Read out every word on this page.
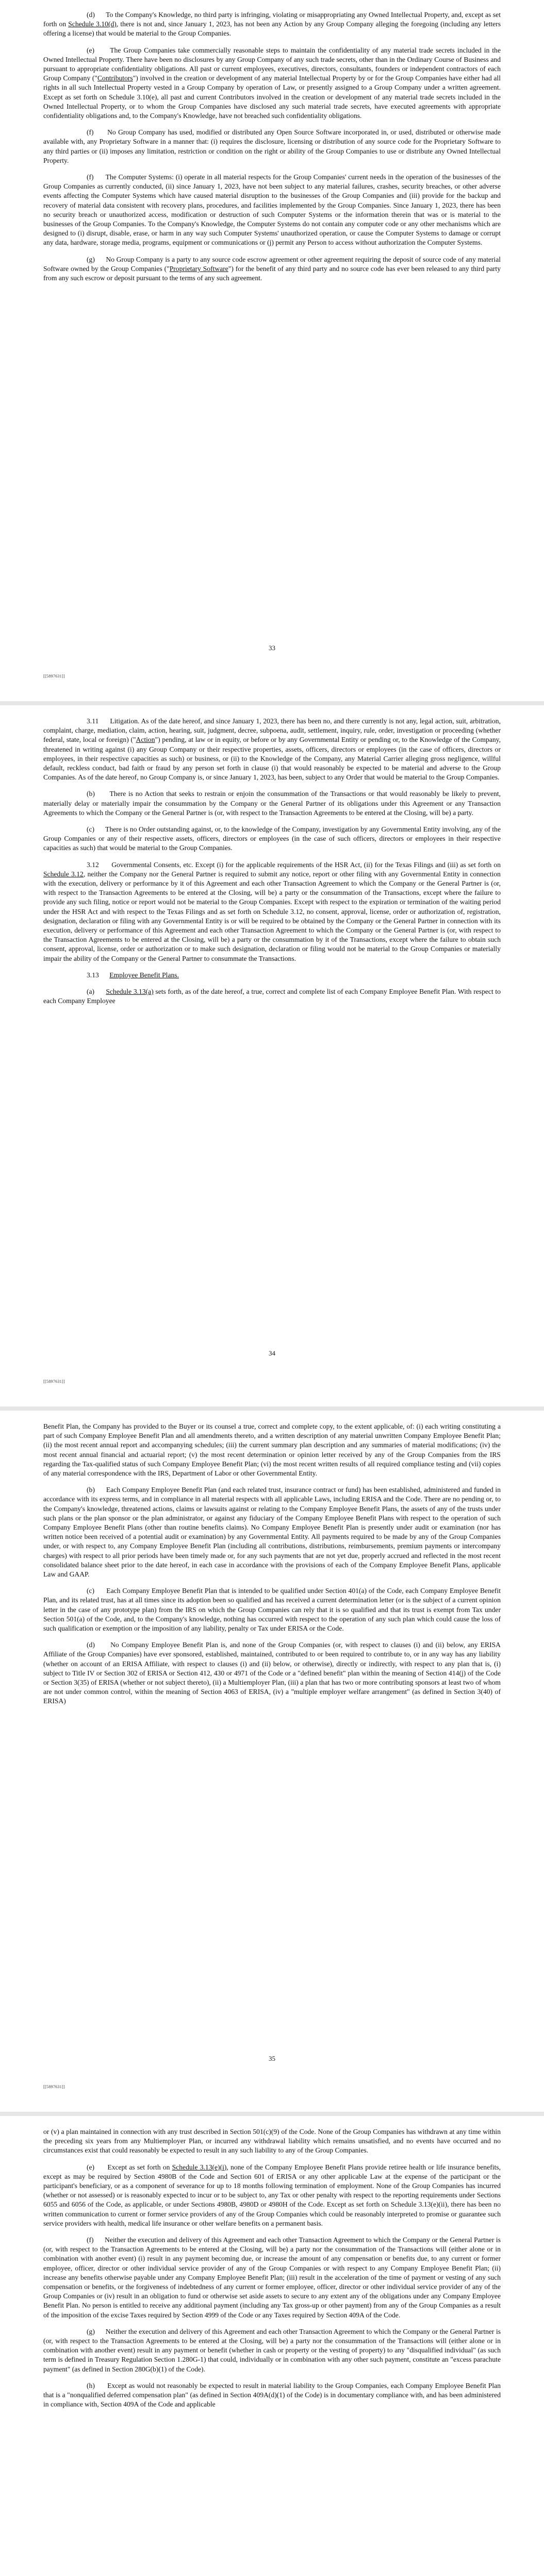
(d) To the Company's Knowledge, no third party is infringing, violating or misappropriating any Owned Intellectual Property, and, except as set forth on Schedule 3.10(d), there is not and, since January 1, 2023, has not been any Action by any Group Company alleging the foregoing (including any letters offering a license) that would be material to the Group Companies.

(e) The Group Companies take commercially reasonable steps to maintain the confidentiality of any material trade secrets included in the Owned Intellectual Property. There have been no disclosures by any Group Company of any such trade secrets, other than in the Ordinary Course of Business and pursuant to appropriate confidentiality obligations. All past or current employees, executives, directors, consultants, founders or independent contractors of each Group Company ("Contributors") involved in the creation or development of any material Intellectual Property by or for the Group Companies have either had all rights in all such Intellectual Property vested in a Group Company by operation of Law, or presently assigned to a Group Company under a written agreement. Except as set forth on Schedule 3.10(e), all past and current Contributors involved in the creation or development of any material trade secrets included in the Owned Intellectual Property, or to whom the Group Companies have disclosed any such material trade secrets, have executed agreements with appropriate confidentiality obligations and, to the Company's Knowledge, have not breached such confidentiality obligations.

(f) No Group Company has used, modified or distributed any Open Source Software incorporated in, or used, distributed or otherwise made available with, any Proprietary Software in a manner that: (i) requires the disclosure, licensing or distribution of any source code for the Proprietary Software to any third parties or (ii) imposes any limitation, restriction or condition on the right or ability of the Group Companies to use or distribute any Owned Intellectual Property.

(f) The Computer Systems: (i) operate in all material respects for the Group Companies' current needs in the operation of the businesses of the Group Companies as currently conducted, (ii) since January 1, 2023, have not been subject to any material failures, crashes, security breaches, or other adverse events affecting the Computer Systems which have caused material disruption to the businesses of the Group Companies and (iii) provide for the backup and recovery of material data consistent with recovery plans, procedures, and facilities implemented by the Group Companies. Since January 1, 2023, there has been no security breach or unauthorized access, modification or destruction of such Computer Systems or the information therein that was or is material to the businesses of the Group Companies. To the Company's Knowledge, the Computer Systems do not contain any computer code or any other mechanisms which are designed to (i) disrupt, disable, erase, or harm in any way such Computer Systems' unauthorized operation, or cause the Computer Systems to damage or corrupt any data, hardware, storage media, programs, equipment or communications or (j) permit any Person to access without authorization the Computer Systems.

(g) No Group Company is a party to any source code escrow agreement or other agreement requiring the deposit of source code of any material Software owned by the Group Companies ("Proprietary Software") for the benefit of any third party and no source code has ever been released to any third party from any such escrow or deposit pursuant to the terms of any such agreement.

33
[[5897631]]

3.11 Litigation. As of the date hereof, and since January 1, 2023, there has been no, and there currently is not any, legal action, suit, arbitration, complaint, charge, mediation, claim, action, hearing, suit, judgment, decree, subpoena, audit, settlement, inquiry, rule, order, investigation or proceeding (whether federal, state, local or foreign) ("Action") pending, at law or in equity, or before or by any Governmental Entity or pending or, to the Knowledge of the Company, threatened in writing against (i) any Group Company or their respective properties, assets, officers, directors or employees (in the case of officers, directors or employees, in their respective capacities as such) or business, or (ii) to the Knowledge of the Company, any Material Carrier alleging gross negligence, willful default, reckless conduct, bad faith or fraud by any person set forth in clause (i) that would reasonably be expected to be material and adverse to the Group Companies. As of the date hereof, no Group Company is, or since January 1, 2023, has been, subject to any Order that would be material to the Group Companies.

(b) There is no Action that seeks to restrain or enjoin the consummation of the Transactions or that would reasonably be likely to prevent, materially delay or materially impair the consummation by the Company or the General Partner of its obligations under this Agreement or any Transaction Agreements to which the Company or the General Partner is (or, with respect to the Transaction Agreements to be entered at the Closing, will be) a party.

(c) There is no Order outstanding against, or, to the knowledge of the Company, investigation by any Governmental Entity involving, any of the Group Companies or any of their respective assets, officers, directors or employees (in the case of such officers, directors or employees in their respective capacities as such) that would be material to the Group Companies.

3.12 Governmental Consents, etc. Except (i) for the applicable requirements of the HSR Act, (ii) for the Texas Filings and (iii) as set forth on Schedule 3.12, neither the Company nor the General Partner is required to submit any notice, report or other filing with any Governmental Entity in connection with the execution, delivery or performance by it of this Agreement and each other Transaction Agreement to which the Company or the General Partner is (or, with respect to the Transaction Agreements to be entered at the Closing, will be) a party or the consummation of the Transactions, except where the failure to provide any such filing, notice or report would not be material to the Group Companies. Except with respect to the expiration or termination of the waiting period under the HSR Act and with respect to the Texas Filings and as set forth on Schedule 3.12, no consent, approval, license, order or authorization of, registration, designation, declaration or filing with any Governmental Entity is or will be required to be obtained by the Company or the General Partner in connection with its execution, delivery or performance of this Agreement and each other Transaction Agreement to which the Company or the General Partner is (or, with respect to the Transaction Agreements to be entered at the Closing, will be) a party or the consummation by it of the Transactions, except where the failure to obtain such consent, approval, license, order or authorization or to make such designation, declaration or filing would not be material to the Group Companies or materially impair the ability of the Company or the General Partner to consummate the Transactions.

3.13 Employee Benefit Plans.

(a) Schedule 3.13(a) sets forth, as of the date hereof, a true, correct and complete list of each Company Employee Benefit Plan. With respect to each Company Employee

34
[[5897631]]

Benefit Plan, the Company has provided to the Buyer or its counsel a true, correct and complete copy, to the extent applicable, of: (i) each writing constituting a part of such Company Employee Benefit Plan and all amendments thereto, and a written description of any material unwritten Company Employee Benefit Plan; (ii) the most recent annual report and accompanying schedules; (iii) the current summary plan description and any summaries of material modifications; (iv) the most recent annual financial and actuarial report; (v) the most recent determination or opinion letter received by any of the Group Companies from the IRS regarding the Tax-qualified status of such Company Employee Benefit Plan; (vi) the most recent written results of all required compliance testing and (vii) copies of any material correspondence with the IRS, Department of Labor or other Governmental Entity.

(b) Each Company Employee Benefit Plan (and each related trust, insurance contract or fund) has been established, administered and funded in accordance with its express terms, and in compliance in all material respects with all applicable Laws, including ERISA and the Code. There are no pending or, to the Company's knowledge, threatened actions, claims or lawsuits against or relating to the Company Employee Benefit Plans, the assets of any of the trusts under such plans or the plan sponsor or the plan administrator, or against any fiduciary of the Company Employee Benefit Plans with respect to the operation of such Company Employee Benefit Plans (other than routine benefits claims). No Company Employee Benefit Plan is presently under audit or examination (nor has written notice been received of a potential audit or examination) by any Governmental Entity. All payments required to be made by any of the Group Companies under, or with respect to, any Company Employee Benefit Plan (including all contributions, distributions, reimbursements, premium payments or intercompany charges) with respect to all prior periods have been timely made or, for any such payments that are not yet due, properly accrued and reflected in the most recent consolidated balance sheet prior to the date hereof, in each case in accordance with the provisions of each of the Company Employee Benefit Plans, applicable Law and GAAP.

(c) Each Company Employee Benefit Plan that is intended to be qualified under Section 401(a) of the Code, each Company Employee Benefit Plan, and its related trust, has at all times since its adoption been so qualified and has received a current determination letter (or is the subject of a current opinion letter in the case of any prototype plan) from the IRS on which the Group Companies can rely that it is so qualified and that its trust is exempt from Tax under Section 501(a) of the Code, and, to the Company's knowledge, nothing has occurred with respect to the operation of any such plan which could cause the loss of such qualification or exemption or the imposition of any liability, penalty or Tax under ERISA or the Code.

(d) No Company Employee Benefit Plan is, and none of the Group Companies (or, with respect to clauses (i) and (ii) below, any ERISA Affiliate of the Group Companies) have ever sponsored, established, maintained, contributed to or been required to contribute to, or in any way has any liability (whether on account of an ERISA Affiliate, with respect to clauses (i) and (ii) below, or otherwise), directly or indirectly, with respect to any plan that is, (i) subject to Title IV or Section 302 of ERISA or Section 412, 430 or 4971 of the Code or a "defined benefit" plan within the meaning of Section 414(j) of the Code or Section 3(35) of ERISA (whether or not subject thereto), (ii) a Multiemployer Plan, (iii) a plan that has two or more contributing sponsors at least two of whom are not under common control, within the meaning of Section 4063 of ERISA, (iv) a "multiple employer welfare arrangement" (as defined in Section 3(40) of ERISA)

35
[[5897631]]

or (v) a plan maintained in connection with any trust described in Section 501(c)(9) of the Code. None of the Group Companies has withdrawn at any time within the preceding six years from any Multiemployer Plan, or incurred any withdrawal liability which remains unsatisfied, and no events have occurred and no circumstances exist that could reasonably be expected to result in any such liability to any of the Group Companies.

(e) Except as set forth on Schedule 3.13(e)(i), none of the Company Employee Benefit Plans provide retiree health or life insurance benefits, except as may be required by Section 4980B of the Code and Section 601 of ERISA or any other applicable Law at the expense of the participant or the participant's beneficiary, or as a component of severance for up to 18 months following termination of employment. None of the Group Companies has incurred (whether or not assessed) or is reasonably expected to incur or to be subject to, any Tax or other penalty with respect to the reporting requirements under Sections 6055 and 6056 of the Code, as applicable, or under Sections 4980B, 4980D or 4980H of the Code. Except as set forth on Schedule 3.13(e)(ii), there has been no written communication to current or former service providers of any of the Group Companies which could be reasonably interpreted to promise or guarantee such service providers with health, medical life insurance or other welfare benefits on a permanent basis.

(f) Neither the execution and delivery of this Agreement and each other Transaction Agreement to which the Company or the General Partner is (or, with respect to the Transaction Agreements to be entered at the Closing, will be) a party nor the consummation of the Transactions will (either alone or in combination with another event) (i) result in any payment becoming due, or increase the amount of any compensation or benefits due, to any current or former employee, officer, director or other individual service provider of any of the Group Companies or with respect to any Company Employee Benefit Plan; (ii) increase any benefits otherwise payable under any Company Employee Benefit Plan; (iii) result in the acceleration of the time of payment or vesting of any such compensation or benefits, or the forgiveness of indebtedness of any current or former employee, officer, director or other individual service provider of any of the Group Companies or (iv) result in an obligation to fund or otherwise set aside assets to secure to any extent any of the obligations under any Company Employee Benefit Plan. No person is entitled to receive any additional payment (including any Tax gross-up or other payment) from any of the Group Companies as a result of the imposition of the excise Taxes required by Section 4999 of the Code or any Taxes required by Section 409A of the Code.

(g) Neither the execution and delivery of this Agreement and each other Transaction Agreement to which the Company or the General Partner is (or, with respect to the Transaction Agreements to be entered at the Closing, will be) a party nor the consummation of the Transactions will (either alone or in combination with another event) result in any payment or benefit (whether in cash or property or the vesting of property) to any "disqualified individual" (as such term is defined in Treasury Regulation Section 1.280G-1) that could, individually or in combination with any other such payment, constitute an "excess parachute payment" (as defined in Section 280G(b)(1) of the Code).

(h) Except as would not reasonably be expected to result in material liability to the Group Companies, each Company Employee Benefit Plan that is a "nonqualified deferred compensation plan" (as defined in Section 409A(d)(1) of the Code) is in documentary compliance with, and has been administered in compliance with, Section 409A of the Code and applicable
